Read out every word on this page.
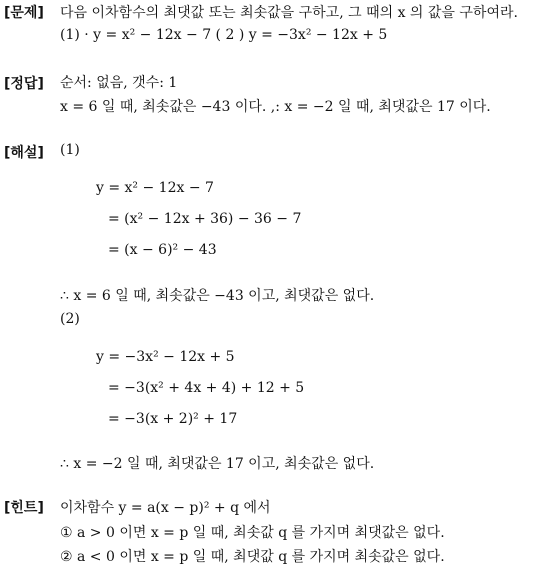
[문제] 다음 이차함수의 최댓값 또는 최솟값을 구하고, 그 때의 x 의 값을 구하여라.
(1) · y = x² − 12x − 7 ( 2 ) y = −3x² − 12x + 5
[정답] 순서: 없음, 갯수: 1
x = 6 일 때, 최솟값은 −43 이다. ,: x = −2 일 때, 최댓값은 17 이다.
[해설] (1)
y = x² − 12x − 7
= (x² − 12x + 36) − 36 − 7
= (x − 6)² − 43
∴ x = 6 일 때, 최솟값은 −43 이고, 최댓값은 없다.
(2)
y = −3x² − 12x + 5
= −3(x² + 4x + 4) + 12 + 5
= −3(x + 2)² + 17
∴ x = −2 일 때, 최댓값은 17 이고, 최솟값은 없다.
[힌트] 이차함수 y = a(x − p)² + q 에서
① a > 0 이면 x = p 일 때, 최솟값 q 를 가지며 최댓값은 없다.
② a < 0 이면 x = p 일 때, 최댓값 q 를 가지며 최솟값은 없다.
